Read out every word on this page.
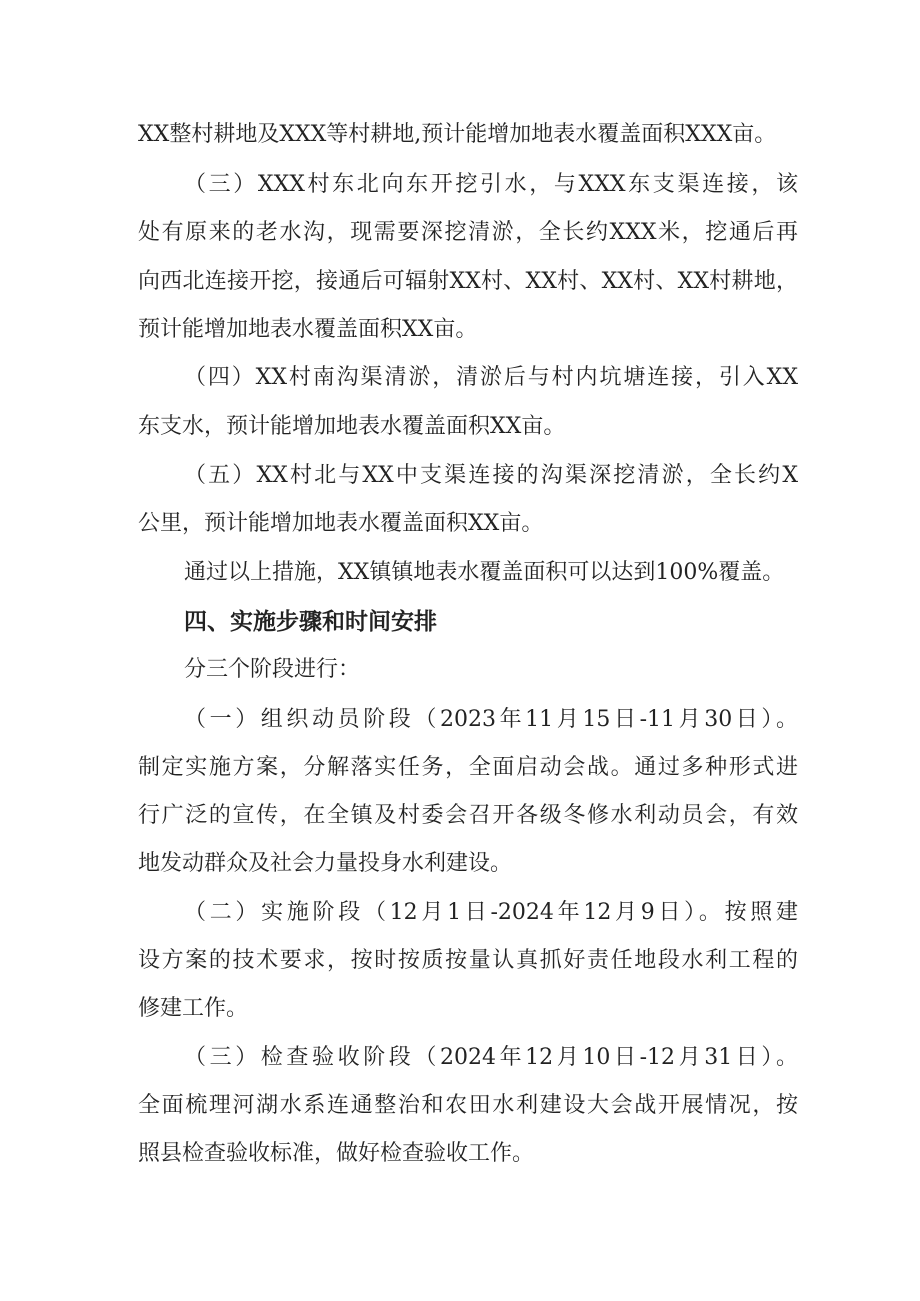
XX整村耕地及XXX等村耕地,预计能增加地表水覆盖面积XXX亩。
（三）XXX村东北向东开挖引水，与XXX东支渠连接，该
处有原来的老水沟，现需要深挖清淤，全长约XXX米，挖通后再
向西北连接开挖，接通后可辐射XX村、XX村、XX村、XX村耕地，
预计能增加地表水覆盖面积XX亩。
（四）XX村南沟渠清淤，清淤后与村内坑塘连接，引入XX
东支水，预计能增加地表水覆盖面积XX亩。
（五）XX村北与XX中支渠连接的沟渠深挖清淤，全长约X
公里，预计能增加地表水覆盖面积XX亩。
通过以上措施，XX镇镇地表水覆盖面积可以达到100%覆盖。
四、实施步骤和时间安排
分三个阶段进行：
（一）组织动员阶段（2023年11月15日-11月30日）。
制定实施方案，分解落实任务，全面启动会战。通过多种形式进
行广泛的宣传，在全镇及村委会召开各级冬修水利动员会，有效
地发动群众及社会力量投身水利建设。
（二）实施阶段（12月1日-2024年12月9日）。按照建
设方案的技术要求，按时按质按量认真抓好责任地段水利工程的
修建工作。
（三）检查验收阶段（2024年12月10日-12月31日）。
全面梳理河湖水系连通整治和农田水利建设大会战开展情况，按
照县检查验收标准，做好检查验收工作。
